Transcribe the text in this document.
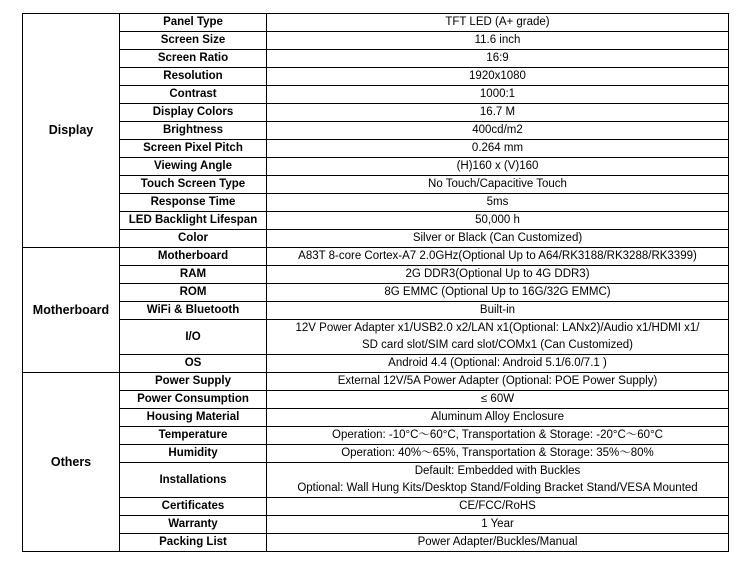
Display	Panel Type	TFT LED (A+ grade)
	Screen Size	11.6 inch
	Screen Ratio	16:9
	Resolution	1920x1080
	Contrast	1000:1
	Display Colors	16.7 M
	Brightness	400cd/m2
	Screen Pixel Pitch	0.264 mm
	Viewing Angle	(H)160 x (V)160
	Touch Screen Type	No Touch/Capacitive Touch
	Response Time	5ms
	LED Backlight Lifespan	50,000 h
	Color	Silver or Black (Can Customized)
Motherboard	Motherboard	A83T 8-core Cortex-A7 2.0GHz(Optional Up to A64/RK3188/RK3288/RK3399)
	RAM	2G DDR3(Optional Up to 4G DDR3)
	ROM	8G EMMC (Optional Up to 16G/32G EMMC)
	WiFi & Bluetooth	Built-in
	I/O	12V Power Adapter x1/USB2.0 x2/LAN x1(Optional: LANx2)/Audio x1/HDMI x1/
SD card slot/SIM card slot/COMx1 (Can Customized)

	OS	Android 4.4 (Optional: Android 5.1/6.0/7.1 )
Others	Power Supply	External 12V/5A Power Adapter (Optional: POE Power Supply)
	Power Consumption	≤ 60W
	Housing Material	Aluminum Alloy Enclosure
	Temperature	Operation: -10°C～60°C, Transportation & Storage: -20°C～60°C
	Humidity	Operation: 40%～65%, Transportation & Storage: 35%～80%
	Installations	Default: Embedded with Buckles
Optional: Wall Hung Kits/Desktop Stand/Folding Bracket Stand/VESA Mounted

	Certificates	CE/FCC/RoHS
	Warranty	1 Year
	Packing List	Power Adapter/Buckles/Manual
